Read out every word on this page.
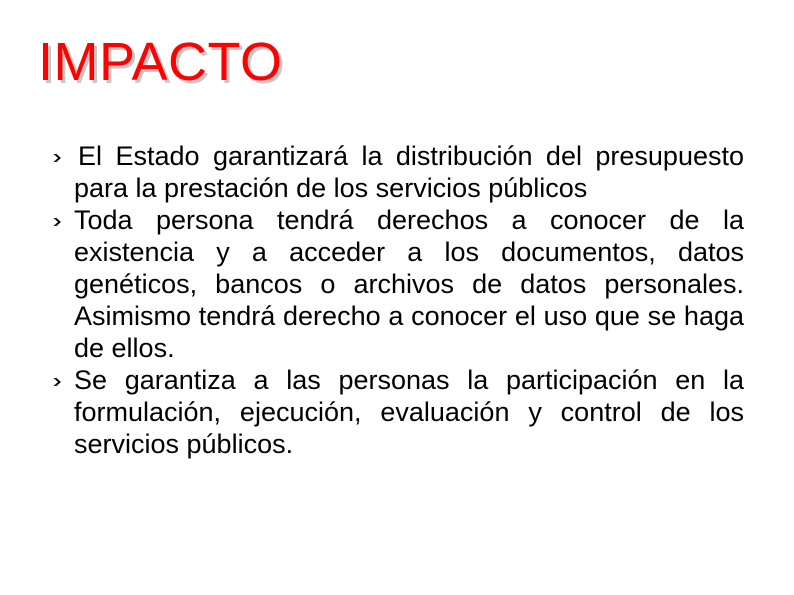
IMPACTO
El Estado garantizará la distribución del presupuesto para la prestación de los servicios públicos
Toda persona tendrá derechos a conocer de la existencia y a acceder a los documentos, datos genéticos, bancos o archivos de datos personales. Asimismo tendrá derecho a conocer el uso que se haga de ellos.
Se garantiza a las personas la participación en la formulación, ejecución, evaluación y control de los servicios públicos.
